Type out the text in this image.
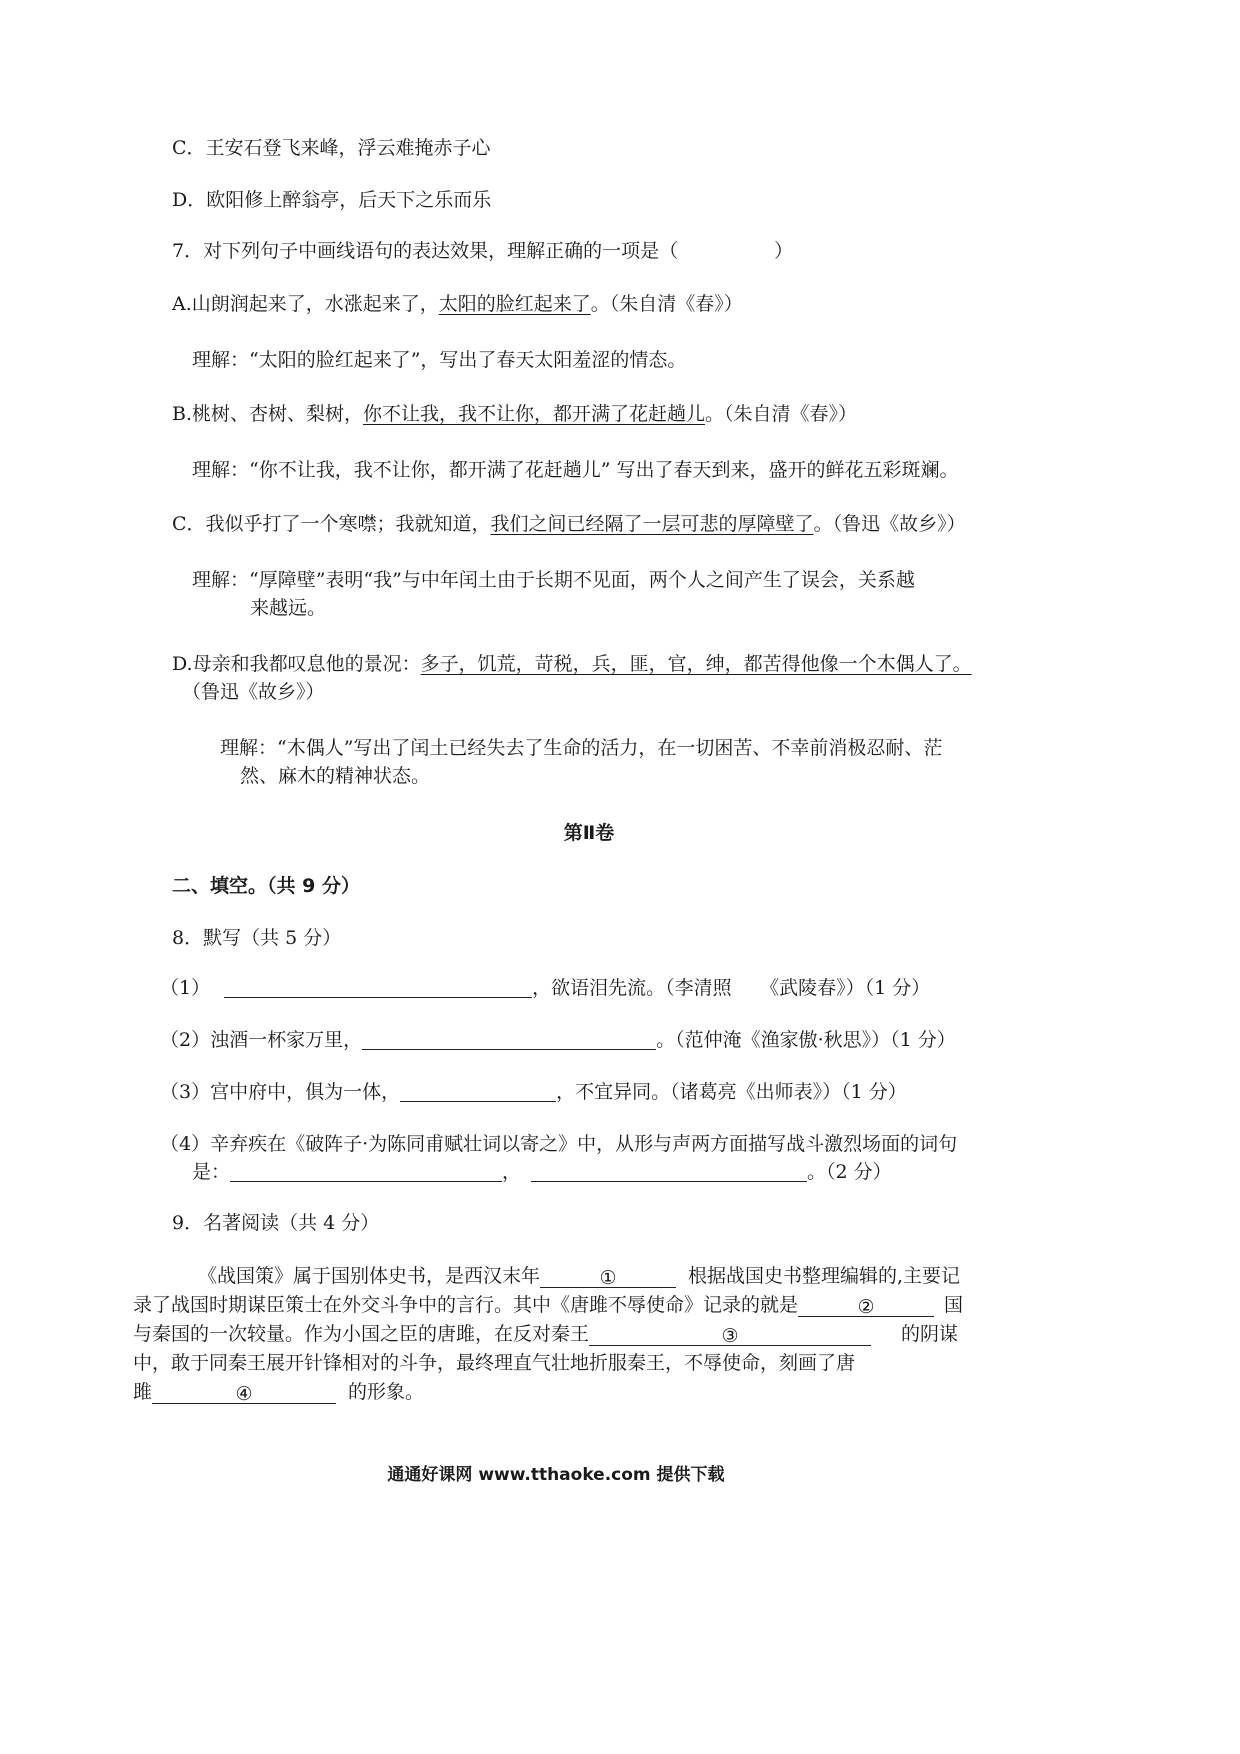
C．王安石登飞来峰，浮云难掩赤子心
D．欧阳修上醉翁亭，后天下之乐而乐
7．对下列句子中画线语句的表达效果，理解正确的一项是（	）
A.山朗润起来了，水涨起来了，太阳的脸红起来了。（朱自清《春》）
理解：“太阳的脸红起来了”，写出了春天太阳羞涩的情态。
B.桃树、杏树、梨树，你不让我，我不让你，都开满了花赶趟儿。（朱自清《春》）
理解：“你不让我，我不让你，都开满了花赶趟儿” 写出了春天到来，盛开的鲜花五彩斑斓。
C．我似乎打了一个寒噤；我就知道，我们之间已经隔了一层可悲的厚障壁了。（鲁迅《故乡》）
理解：“厚障壁”表明“我”与中年闰土由于长期不见面，两个人之间产生了误会，关系越
来越远。
D.母亲和我都叹息他的景况：多子，饥荒，苛税，兵，匪，官，绅，都苦得他像一个木偶人了。
（鲁迅《故乡》）
理解：“木偶人”写出了闰土已经失去了生命的活力，在一切困苦、不幸前消极忍耐、茫
然、麻木的精神状态。
第Ⅱ卷
二、填空。（共 9 分）
8．默写（共 5 分）
（1）	，欲语泪先流。（李清照　　《武陵春》）（1 分）
（2）浊酒一杯家万里，	。（范仲淹《渔家傲·秋思》）（1 分）
（3）宫中府中，俱为一体，	，不宜异同。（诸葛亮《出师表》）（1 分）
（4）辛弃疾在《破阵子·为陈同甫赋壮词以寄之》中，从形与声两方面描写战斗激烈场面的词句
是：	，	。（2 分）
9．名著阅读（共 4 分）
《战国策》属于国别体史书，是西汉末年	①	根据战国史书整理编辑的,主要记
录了战国时期谋臣策士在外交斗争中的言行。其中《唐雎不辱使命》记录的就是	②	国
与秦国的一次较量。作为小国之臣的唐雎，在反对秦王	③	的阴谋
中，敢于同秦王展开针锋相对的斗争，最终理直气壮地折服秦王，不辱使命，刻画了唐
雎	④	的形象。
通通好课网 www.tthaoke.com 提供下载
